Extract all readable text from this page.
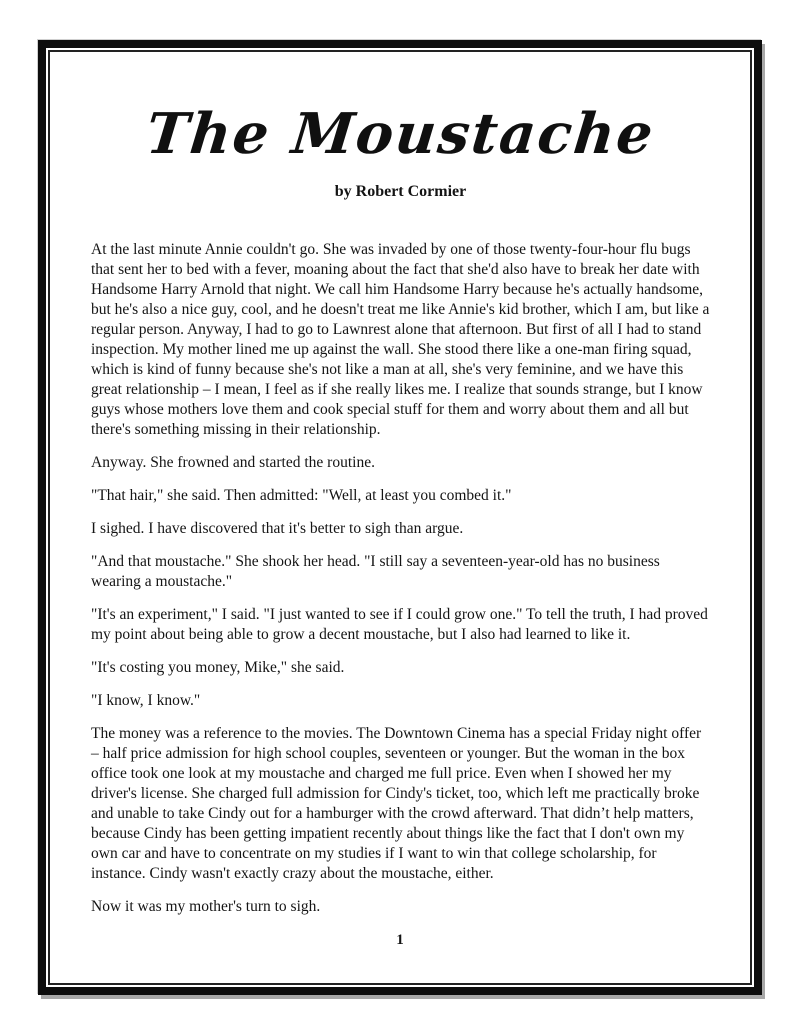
The Moustache
by Robert Cormier

At the last minute Annie couldn't go. She was invaded by one of those twenty-four-hour flu bugs that sent her to bed with a fever, moaning about the fact that she'd also have to break her date with Handsome Harry Arnold that night. We call him Handsome Harry because he's actually handsome, but he's also a nice guy, cool, and he doesn't treat me like Annie's kid brother, which I am, but like a regular person. Anyway, I had to go to Lawnrest alone that afternoon. But first of all I had to stand inspection. My mother lined me up against the wall. She stood there like a one-man firing squad, which is kind of funny because she's not like a man at all, she's very feminine, and we have this great relationship – I mean, I feel as if she really likes me. I realize that sounds strange, but I know guys whose mothers love them and cook special stuff for them and worry about them and all but there's something missing in their relationship.

Anyway. She frowned and started the routine.

"That hair," she said. Then admitted: "Well, at least you combed it."

I sighed. I have discovered that it's better to sigh than argue.

"And that moustache." She shook her head. "I still say a seventeen-year-old has no business wearing a moustache."

"It's an experiment," I said. "I just wanted to see if I could grow one." To tell the truth, I had proved my point about being able to grow a decent moustache, but I also had learned to like it.

"It's costing you money, Mike," she said.

"I know, I know."

The money was a reference to the movies. The Downtown Cinema has a special Friday night offer – half price admission for high school couples, seventeen or younger. But the woman in the box office took one look at my moustache and charged me full price. Even when I showed her my driver's license. She charged full admission for Cindy's ticket, too, which left me practically broke and unable to take Cindy out for a hamburger with the crowd afterward. That didn’t help matters, because Cindy has been getting impatient recently about things like the fact that I don't own my own car and have to concentrate on my studies if I want to win that college scholarship, for instance. Cindy wasn't exactly crazy about the moustache, either.

Now it was my mother's turn to sigh.

1
